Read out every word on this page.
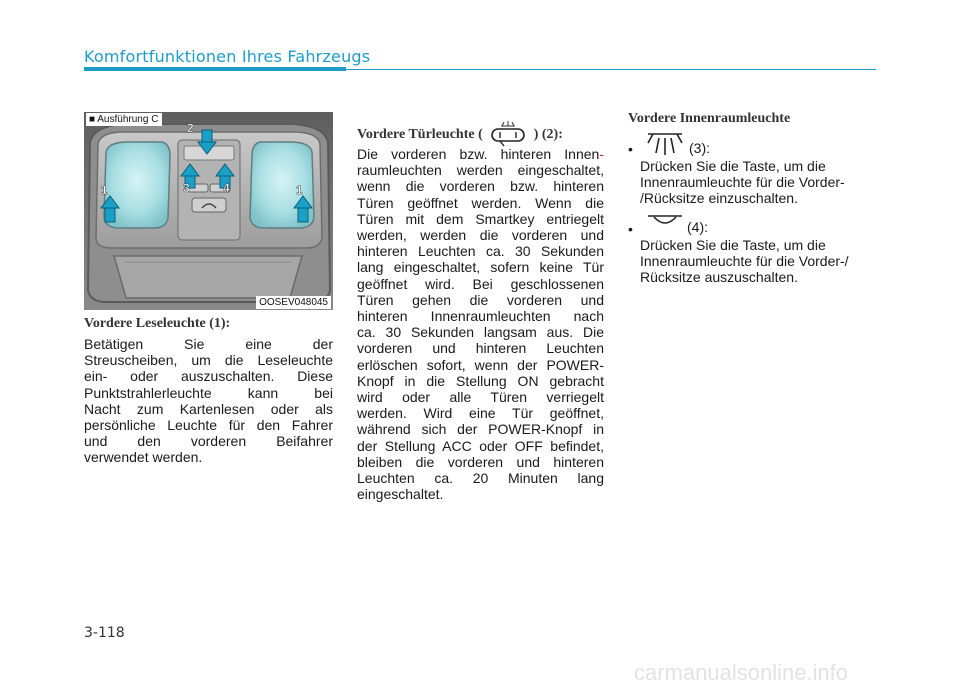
Komfortfunktionen Ihres Fahrzeugs
2
3	4
1	1
■ Ausführung C
OOSEV048045
Vordere Leseleuchte (1):
Betätigen Sie eine der
Streuscheiben, um die Leseleuchte
ein- oder auszuschalten. Diese
Punktstrahlerleuchte kann bei
Nacht zum Kartenlesen oder als
persönliche Leuchte für den Fahrer
und den vorderen Beifahrer
verwendet werden.
Vordere Türleuchte (	) (2):
Die vorderen bzw. hinteren Innen-
raumleuchten werden eingeschaltet,
wenn die vorderen bzw. hinteren
Türen geöffnet werden. Wenn die
Türen mit dem Smartkey entriegelt
werden, werden die vorderen und
hinteren Leuchten ca. 30 Sekunden
lang eingeschaltet, sofern keine Tür
geöffnet wird. Bei geschlossenen
Türen gehen die vorderen und
hinteren Innenraumleuchten nach
ca. 30 Sekunden langsam aus. Die
vorderen und hinteren Leuchten
erlöschen sofort, wenn der POWER-
Knopf in die Stellung ON gebracht
wird oder alle Türen verriegelt
werden. Wird eine Tür geöffnet,
während sich der POWER-Knopf in
der Stellung ACC oder OFF befindet,
bleiben die vorderen und hinteren
Leuchten ca. 20 Minuten lang
eingeschaltet.
Vordere Innenraumleuchte
•	(3):
Drücken Sie die Taste, um die
Innenraumleuchte für die Vorder-
/Rücksitze einzuschalten.
•	(4):
Drücken Sie die Taste, um die
Innenraumleuchte für die Vorder-/
Rücksitze auszuschalten.
3-118
carmanualsonline.info
